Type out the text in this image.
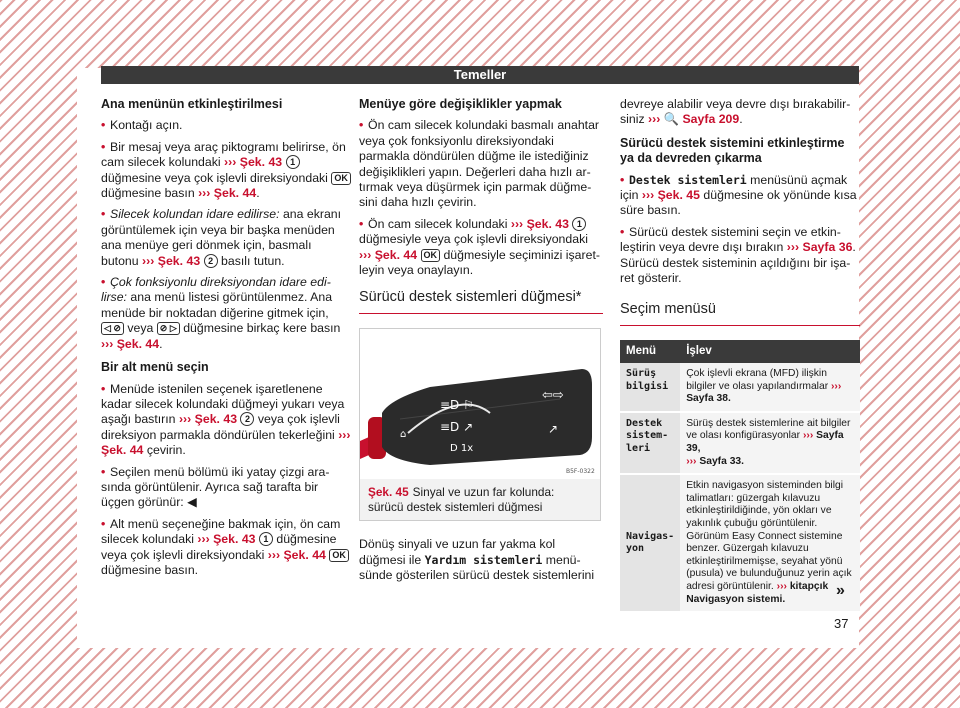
Temeller
Ana menünün etkinleştirilmesi

• Kontağı açın.

• Bir mesaj veya araç piktogramı belirirse, ön cam silecek kolundaki ››› Şek. 43 1 düğmesine veya çok işlevli direksiyondaki OK düğmesine basın ››› Şek. 44.

• Silecek kolundan idare edilirse: ana ekranı görüntülemek için veya bir başka menüden ana menüye geri dönmek için, basmalı butonu ››› Şek. 43 2 basılı tutun.

• Çok fonksiyonlu direksiyondan idare edilirse: ana menü listesi görüntülenmez. Ana menüde bir noktadan diğerine gitmek için, ◁ ⊘ veya ⊘ ▷ düğmesine birkaç kere basın ››› Şek. 44.

Bir alt menü seçin

• Menüde istenilen seçenek işaretlenene kadar silecek kolundaki düğmeyi yukarı veya aşağı bastırın ››› Şek. 43 2 veya çok işlevli direksiyon parmakla döndürülen tekerleğini ››› Şek. 44 çevirin.

• Seçilen menü bölümü iki yatay çizgi arasında görüntülenir. Ayrıca sağ tarafta bir üçgen görünür: ◀

• Alt menü seçeneğine bakmak için, ön cam silecek kolundaki ››› Şek. 43 1 düğmesine veya çok işlevli direksiyondaki ››› Şek. 44 OK düğmesine basın.

Menüye göre değişiklikler yapmak

• Ön cam silecek kolundaki basmalı anahtar veya çok fonksiyonlu direksiyondaki parmakla döndürülen düğme ile istediğiniz değişiklikleri yapın. Değerleri daha hızlı artırmak veya düşürmek için parmak düğmesini daha hızlı çevirin.

• Ön cam silecek kolundaki ››› Şek. 43 1 düğmesiyle veya çok işlevli direksiyondaki ››› Şek. 44 OK düğmesiyle seçiminizi işaretleyin veya onaylayın.

Sürücü destek sistemleri düğmesi*
⌂
≡D ⚐
≡D ↗
D 1x
⇦⇨
↗
B5F-0322
Şek. 45 Sinyal ve uzun far kolunda: sürücü destek sistemleri düğmesi

Dönüş sinyali ve uzun far yakma kol düğmesi ile Yardım sistemleri menüsünde gösterilen sürücü destek sistemlerini

devreye alabilir veya devre dışı bırakabilirsiniz ››› 🔍 Sayfa 209.

Sürücü destek sistemini etkinleştirme ya da devreden çıkarma

• Destek sistemleri menüsünü açmak için ››› Şek. 45 düğmesine ok yönünde kısa süre basın.

• Sürücü destek sistemini seçin ve etkinleştirin veya devre dışı bırakın ››› Sayfa 36. Sürücü destek sisteminin açıldığını bir işaret gösterir.

Seçim menüsü
Menü	İşlev
Sürüş bilgisi	Çok işlevli ekrana (MFD) ilişkin bilgiler ve olası yapılandırmalar ››› Sayfa 38.
Destek sistemleri	Sürüş destek sistemlerine ait bilgiler ve olası konfigürasyonlar ››› Sayfa 39,
››› Sayfa 33.
Navigasyon	Etkin navigasyon sisteminden bilgi talimatları: güzergah kılavuzu etkinleştirildiğinde, yön okları ve yakınlık çubuğu görüntülenir. Görünüm Easy Connect sistemine benzer. Güzergah kılavuzu etkinleştirilmemişse, seyahat yönü (pusula) ve bulunduğunuz yerin açık adresi görüntülenir. ››› kitapçık Navigasyon sistemi.
»
37
